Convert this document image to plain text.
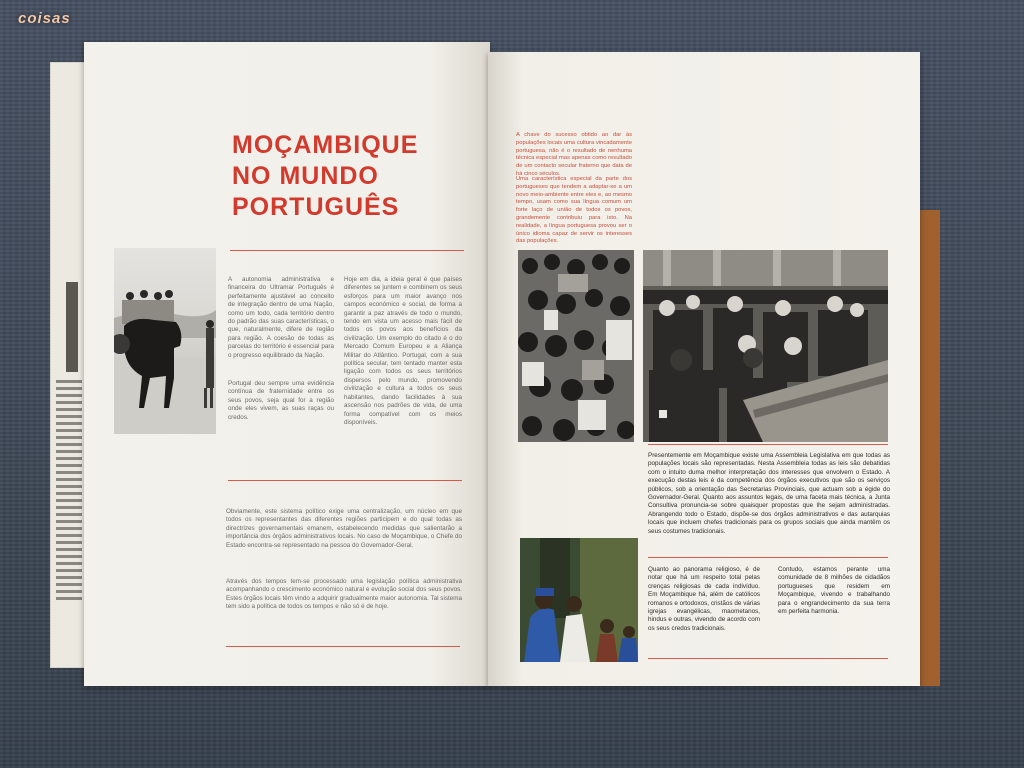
coisas
MOÇAMBIQUE
NO MUNDO
PORTUGUÊS

A autonomia administrativa e financeira do Ultramar Português é perfeitamente ajustável ao conceito de integração dentro de uma Nação, como um todo, cada território dentro do padrão das suas características, o que, naturalmente, difere de região para região. A coesão de todas as parcelas do território é essencial para o progresso equilibrado da Nação.

Portugal deu sempre uma evidência contínua de fraternidade entre os seus povos, seja qual for a região onde eles vivem, as suas raças ou credos.

Hoje em dia, a ideia geral é que países diferentes se juntem e combinem os seus esforços para um maior avanço nos campos económico e social, de forma a garantir a paz através de todo o mundo, tendo em vista um acesso mais fácil de todos os povos aos benefícios da civilização. Um exemplo do citado é o do Mercado Comum Europeu e a Aliança Militar do Atlântico. Portugal, com a sua política secular, tem tentado manter esta ligação com todos os seus territórios dispersos pelo mundo, promovendo civilização e cultura a todos os seus habitantes, dando facilidades à sua ascensão nos padrões de vida, de uma forma compatível com os meios disponíveis.

Obviamente, este sistema político exige uma centralização, um núcleo em que todos os representantes das diferentes regiões participem e do qual todas as directrizes governamentais emanem, estabelecendo medidas que salientarão a importância dos órgãos administrativos locais. No caso de Moçambique, o Chefe do Estado encontra-se representado na pessoa do Governador-Geral.

Através dos tempos tem-se processado uma legislação política administrativa acompanhando o crescimento económico natural e evolução social dos seus povos. Estes órgãos locais têm vindo a adquirir gradualmente maior autonomia. Tal sistema tem sido a política de todos os tempos e não só é de hoje.

A chave do sucesso obtido ao dar às populações locais uma cultura vincadamente portuguesa, não é o resultado de nenhuma técnica especial mas apenas como resultado de um contacto secular fraterno que data de há cinco séculos.

Uma característica especial da parte dos portugueses que tendem a adaptar-se a um novo meio-ambiente entre eles e, ao mesmo tempo, usam como sua língua comum um forte laço de união de todos os povos, grandemente contribuiu para isto. Na realidade, a língua portuguesa provou ser o único idioma capaz de servir os interesses das populações.

Presentemente em Moçambique existe uma Assembleia Legislativa em que todas as populações locais são representadas. Nesta Assembleia todas as leis são debatidas com o intuito duma melhor interpretação dos interesses que envolvem o Estado. A execução destas leis é da competência dos órgãos executivos que são os serviços públicos, sob a orientação das Secretarias Provinciais, que actuam sob a égide do Governador-Geral. Quanto aos assuntos legais, de uma faceta mais técnica, a Junta Consultiva pronuncia-se sobre quaisquer propostas que lhe sejam administradas. Abrangendo todo o Estado, dispõe-se dos órgãos administrativos e das autarquias locais que incluem chefes tradicionais para os grupos sociais que ainda mantêm os seus costumes tradicionais.

Quanto ao panorama religioso, é de notar que há um respeito total pelas crenças religiosas de cada indivíduo. Em Moçambique há, além de católicos romanos e ortodoxos, cristãos de várias igrejas evangélicas, maometanos, hindus e outras, vivendo de acordo com os seus credos tradicionais.

Contudo, estamos perante uma comunidade de 8 milhões de cidadãos portugueses que residem em Moçambique, vivendo e trabalhando para o engrandecimento da sua terra em perfeita harmonia.
